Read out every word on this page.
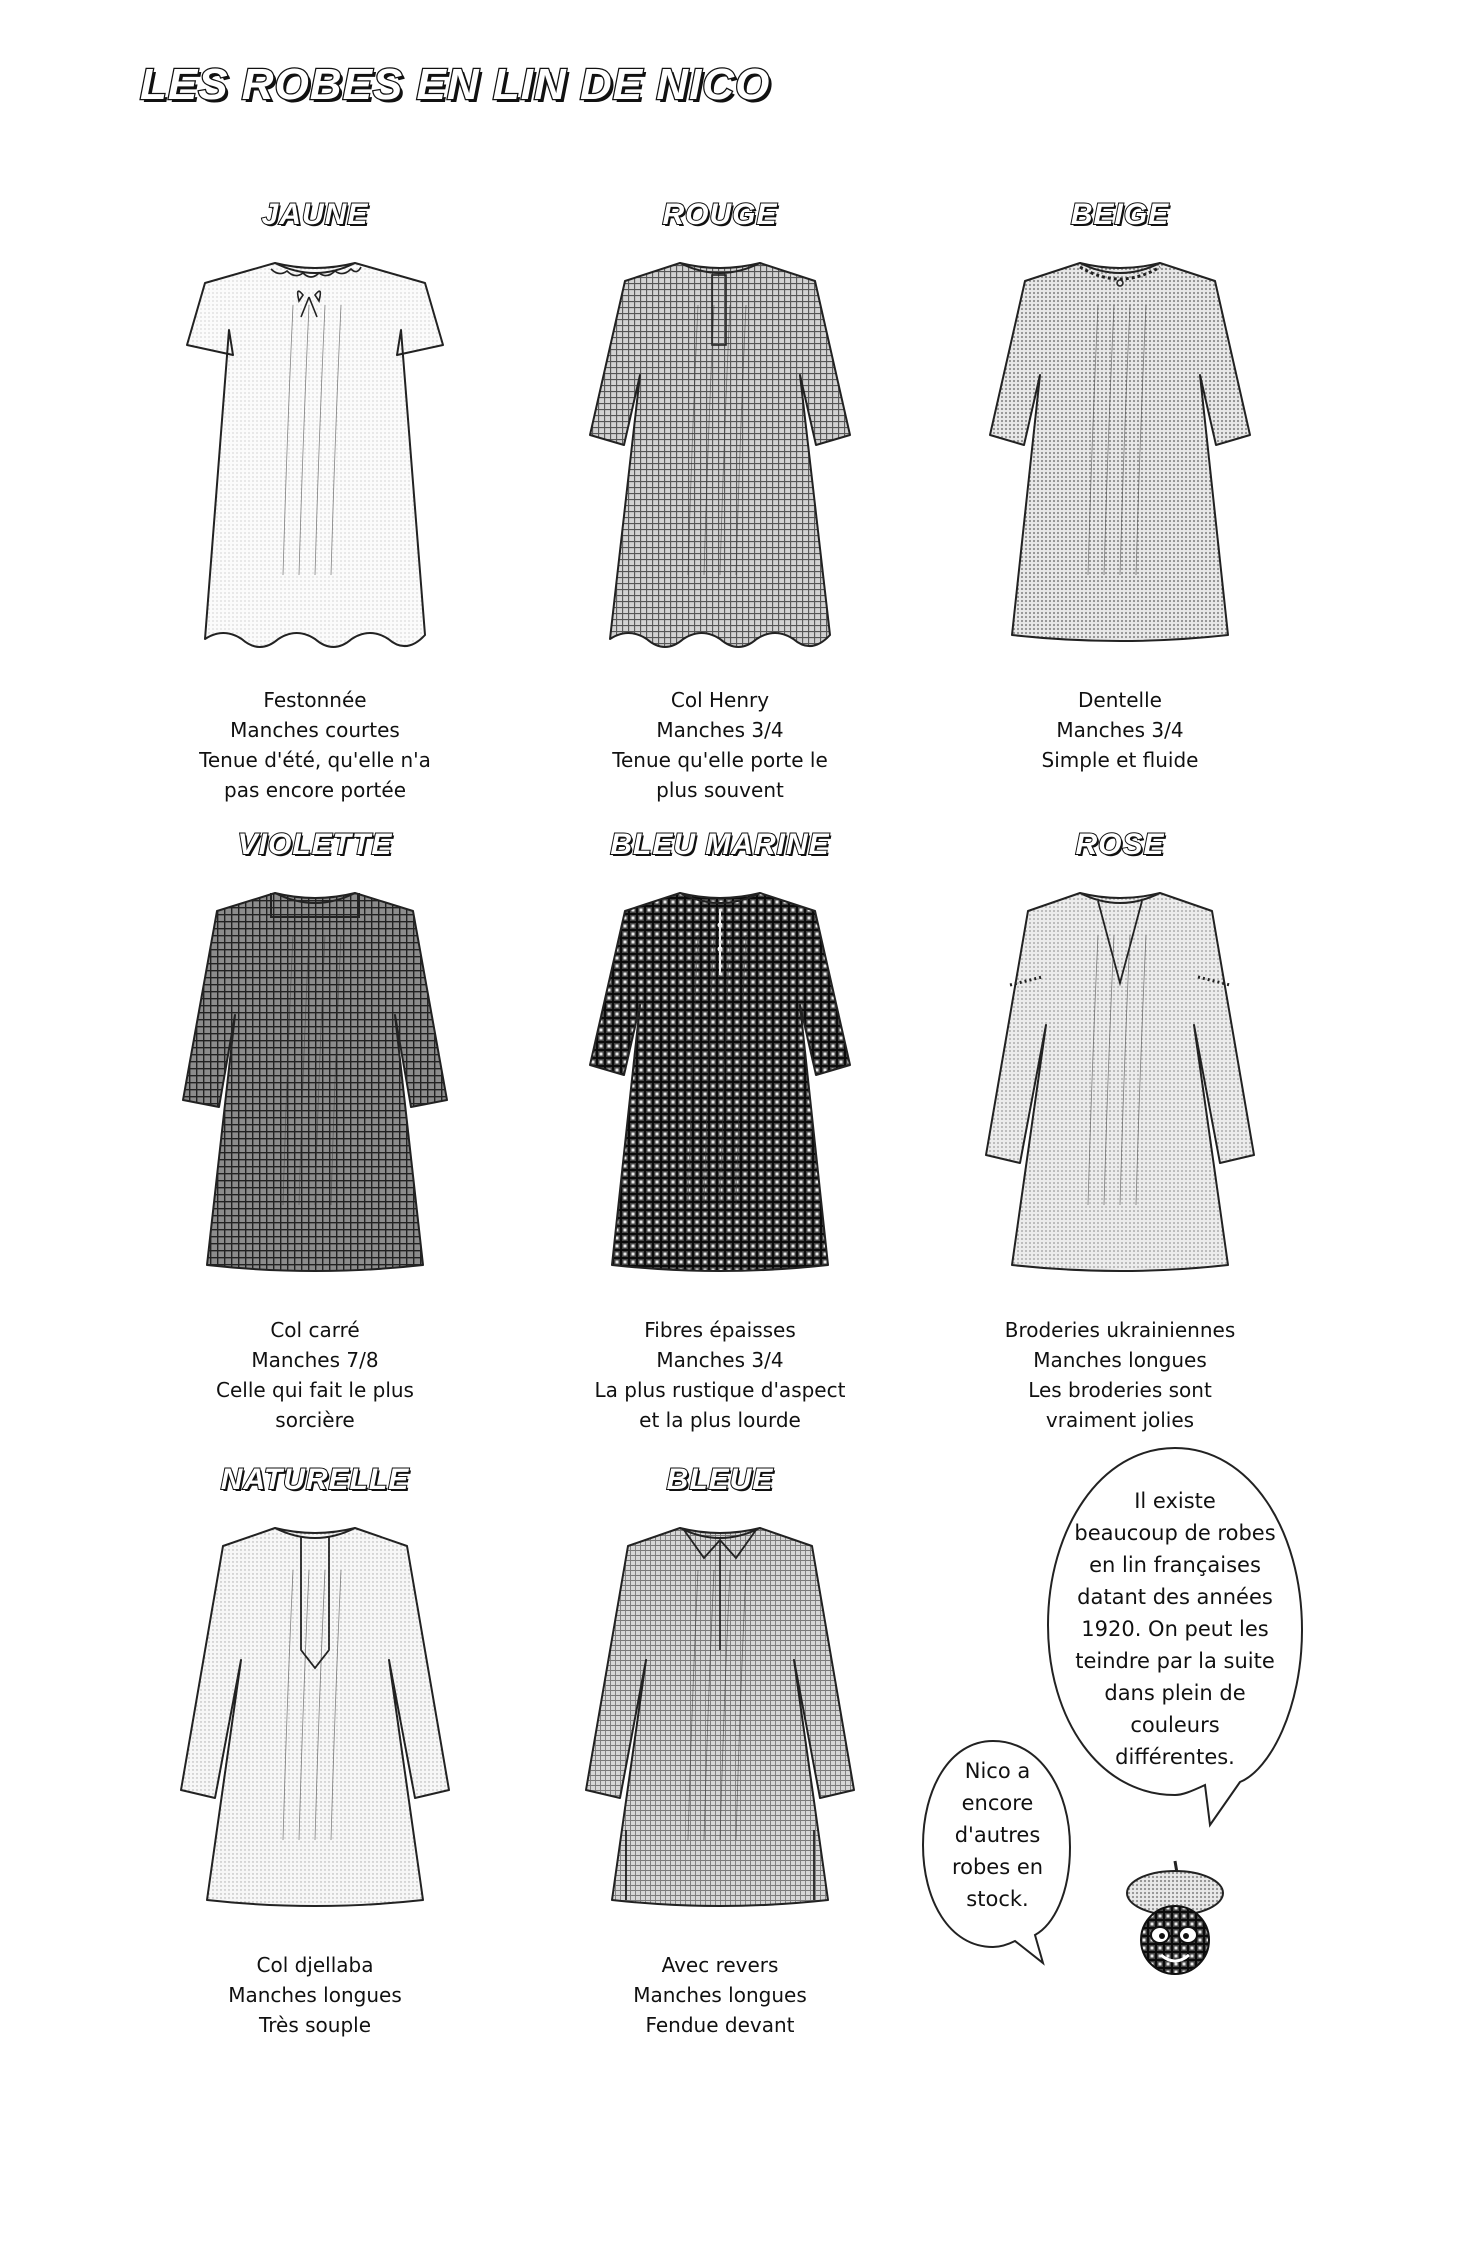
LES ROBES EN LIN DE NICO
JAUNE
Festonnée
Manches courtes
Tenue d'été, qu'elle n'a
pas encore portée
ROUGE
Col Henry
Manches 3/4
Tenue qu'elle porte le
plus souvent
BEIGE
Dentelle
Manches 3/4
Simple et fluide
VIOLETTE
Col carré
Manches 7/8
Celle qui fait le plus
sorcière
BLEU MARINE
Fibres épaisses
Manches 3/4
La plus rustique d'aspect
et la plus lourde
ROSE
Broderies ukrainiennes
Manches longues
Les broderies sont
vraiment jolies
NATURELLE
Col djellaba
Manches longues
Très souple
BLEUE
Avec revers
Manches longues
Fendue devant
Il existe
beaucoup de robes
en lin françaises
datant des années
1920. On peut les
teindre par la suite
dans plein de
couleurs
différentes.
Nico a
encore
d'autres
robes en
stock.
